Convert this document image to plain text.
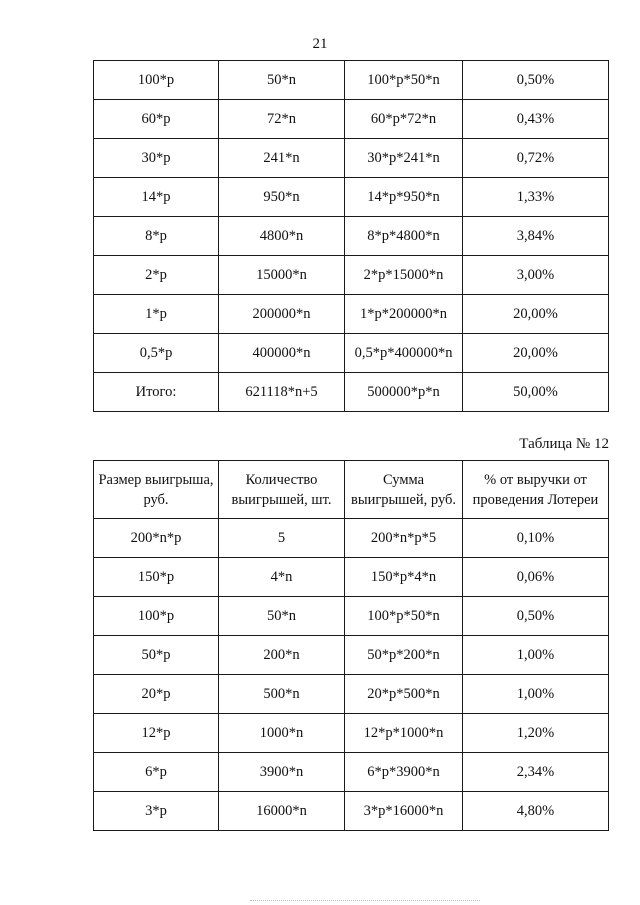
21
100*p	50*n	100*p*50*n	0,50%
60*p	72*n	60*p*72*n	0,43%
30*p	241*n	30*p*241*n	0,72%
14*p	950*n	14*p*950*n	1,33%
8*p	4800*n	8*p*4800*n	3,84%
2*p	15000*n	2*p*15000*n	3,00%
1*p	200000*n	1*p*200000*n	20,00%
0,5*p	400000*n	0,5*p*400000*n	20,00%
Итого:	621118*n+5	500000*p*n	50,00%
Таблица № 12
Размер выигрыша, руб.	Количество выигрышей, шт.	Сумма выигрышей, руб.	% от выручки от проведения Лотереи
200*n*p	5	200*n*p*5	0,10%
150*p	4*n	150*p*4*n	0,06%
100*p	50*n	100*p*50*n	0,50%
50*p	200*n	50*p*200*n	1,00%
20*p	500*n	20*p*500*n	1,00%
12*p	1000*n	12*p*1000*n	1,20%
6*p	3900*n	6*p*3900*n	2,34%
3*p	16000*n	3*p*16000*n	4,80%
